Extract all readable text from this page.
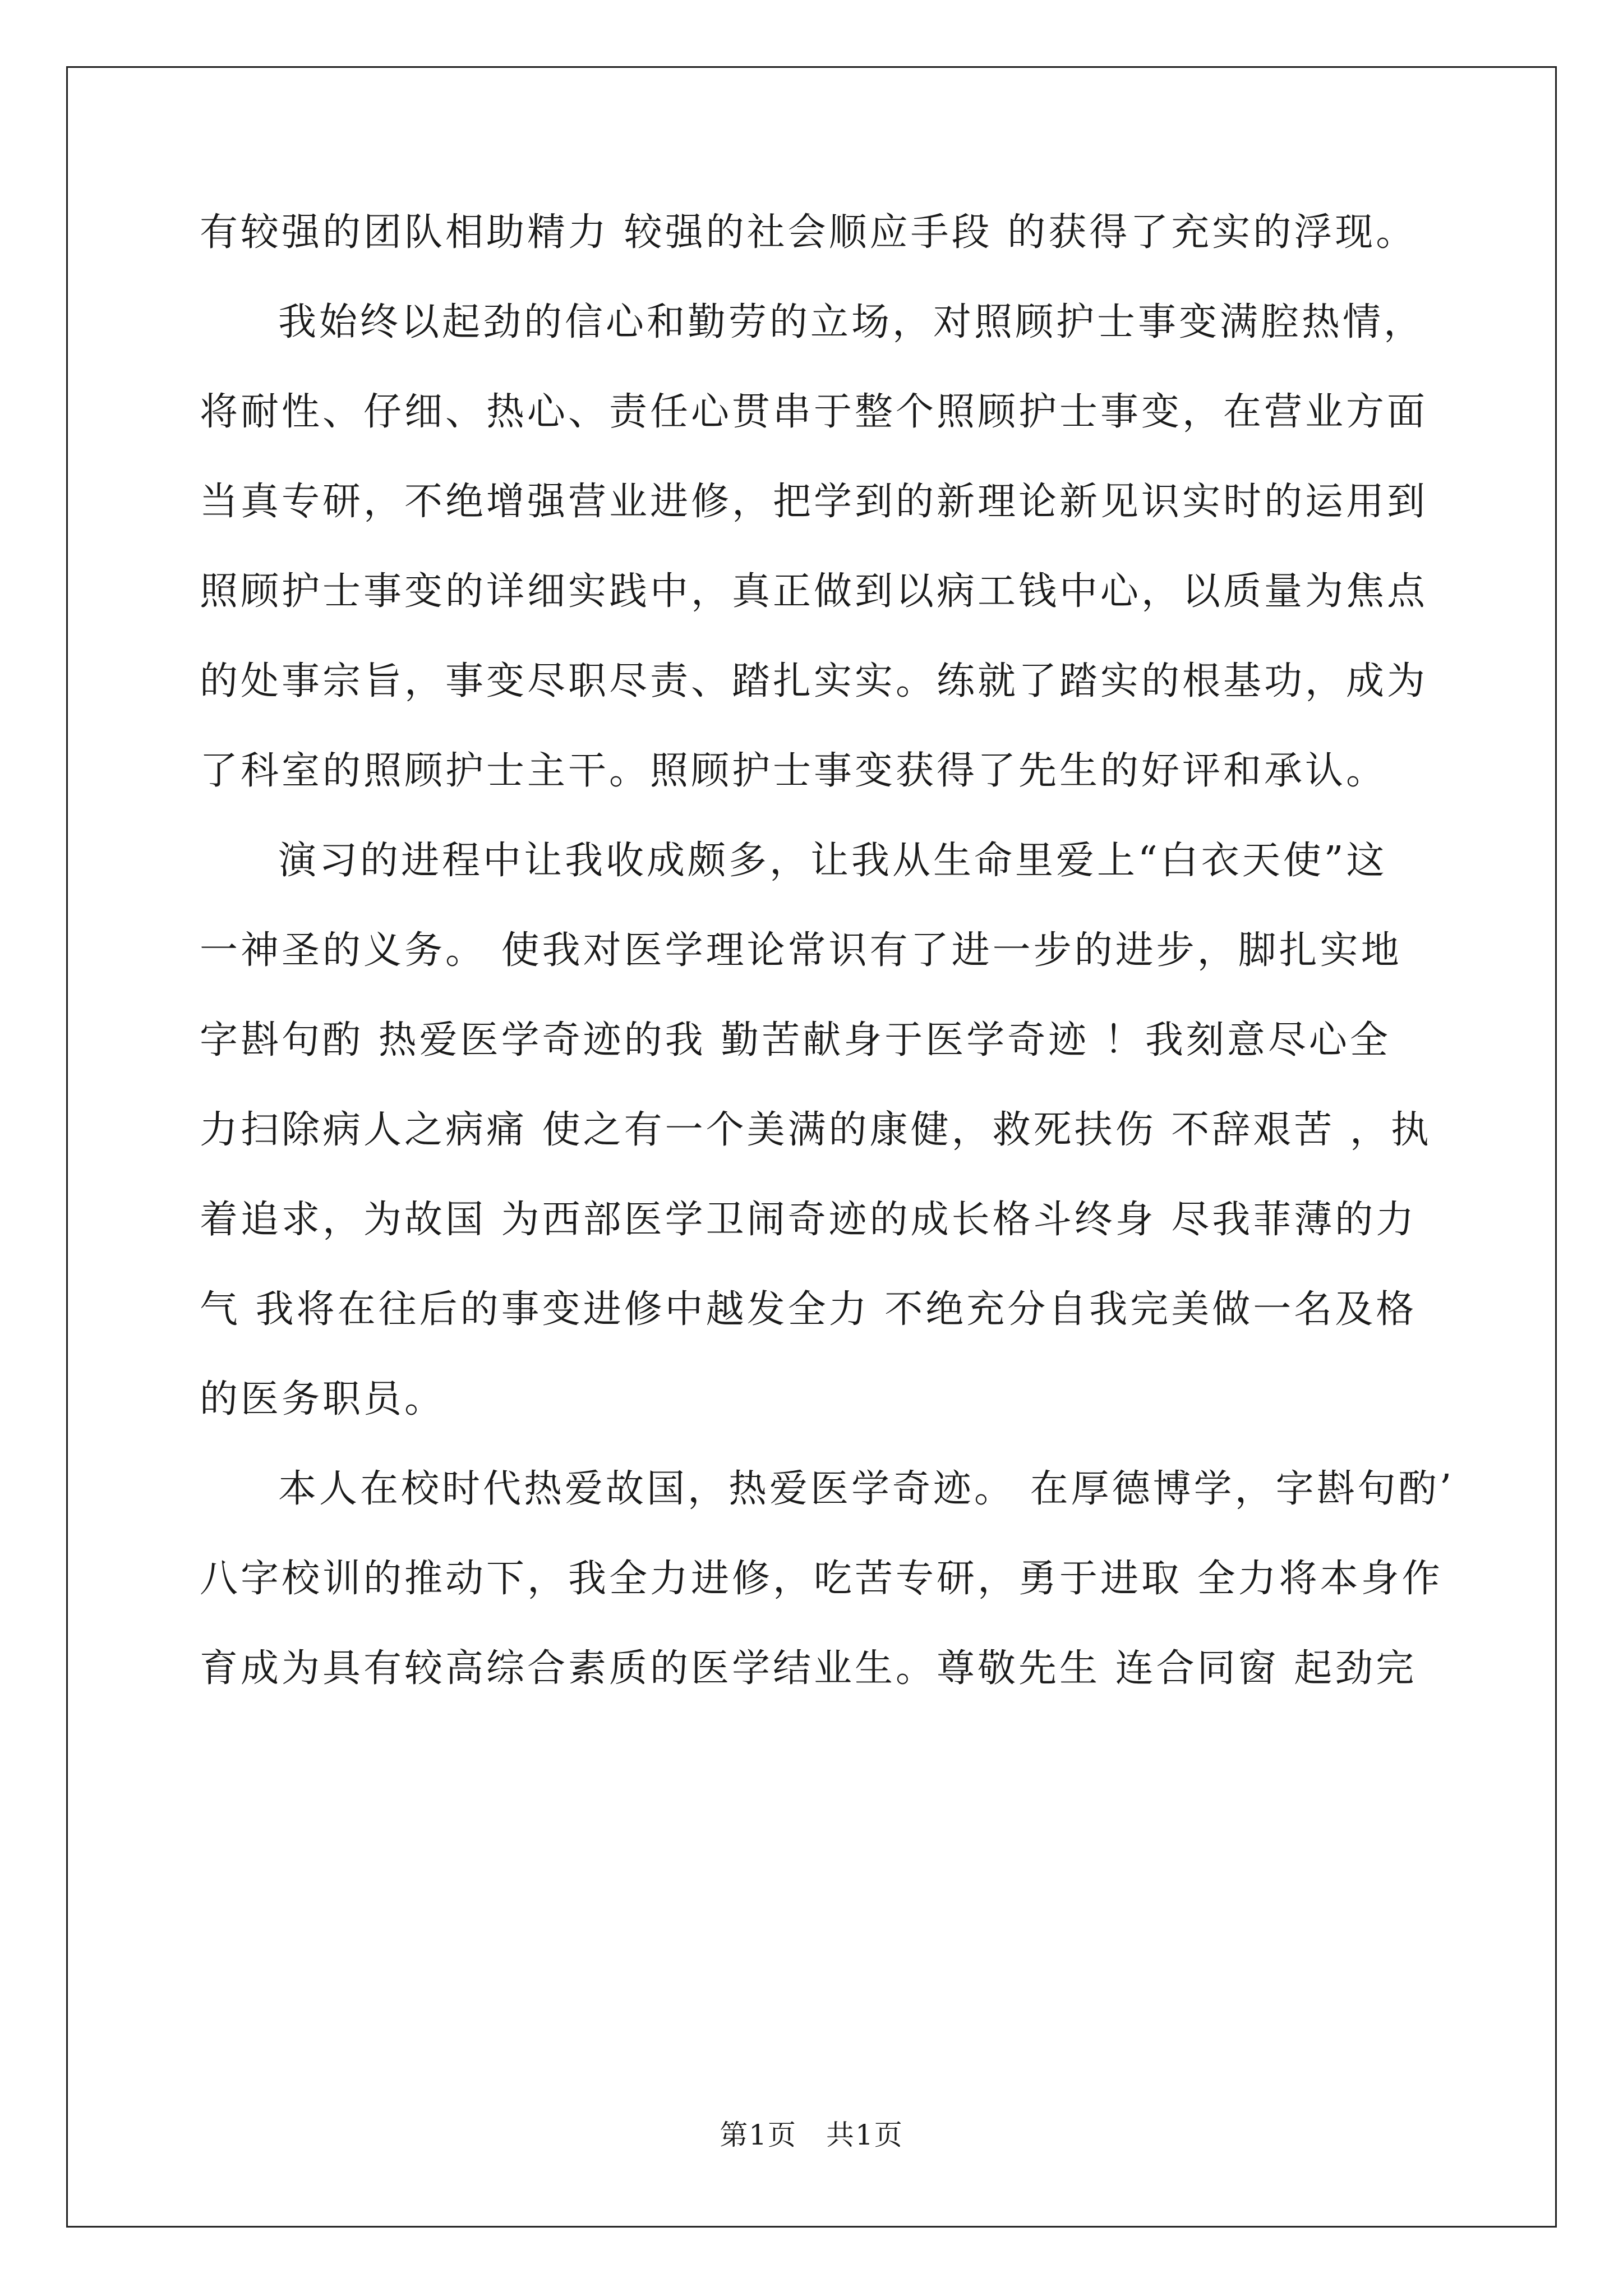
有较强的团队相助精力 较强的社会顺应手段 的获得了充实的浮现。
我始终以起劲的信心和勤劳的立场，对照顾护士事变满腔热情，
将耐性、仔细、热心、责任心贯串于整个照顾护士事变，在营业方面
当真专研，不绝增强营业进修，把学到的新理论新见识实时的运用到
照顾护士事变的详细实践中，真正做到以病工钱中心，以质量为焦点
的处事宗旨，事变尽职尽责、踏扎实实。练就了踏实的根基功，成为
了科室的照顾护士主干。照顾护士事变获得了先生的好评和承认。
演习的进程中让我收成颇多，让我从生命里爱上“白衣天使”这
一神圣的义务。 使我对医学理论常识有了进一步的进步，脚扎实地
字斟句酌 热爱医学奇迹的我 勤苦献身于医学奇迹 ！我刻意尽心全
力扫除病人之病痛 使之有一个美满的康健，救死扶伤 不辞艰苦 ，执
着追求，为故国 为西部医学卫闹奇迹的成长格斗终身 尽我菲薄的力
气 我将在往后的事变进修中越发全力 不绝充分自我完美做一名及格
的医务职员。
本人在校时代热爱故国，热爱医学奇迹。 在厚德博学，字斟句酌’
八字校训的推动下，我全力进修，吃苦专研，勇于进取 全力将本身作
育成为具有较高综合素质的医学结业生。尊敬先生 连合同窗 起劲完
第1页　共1页
